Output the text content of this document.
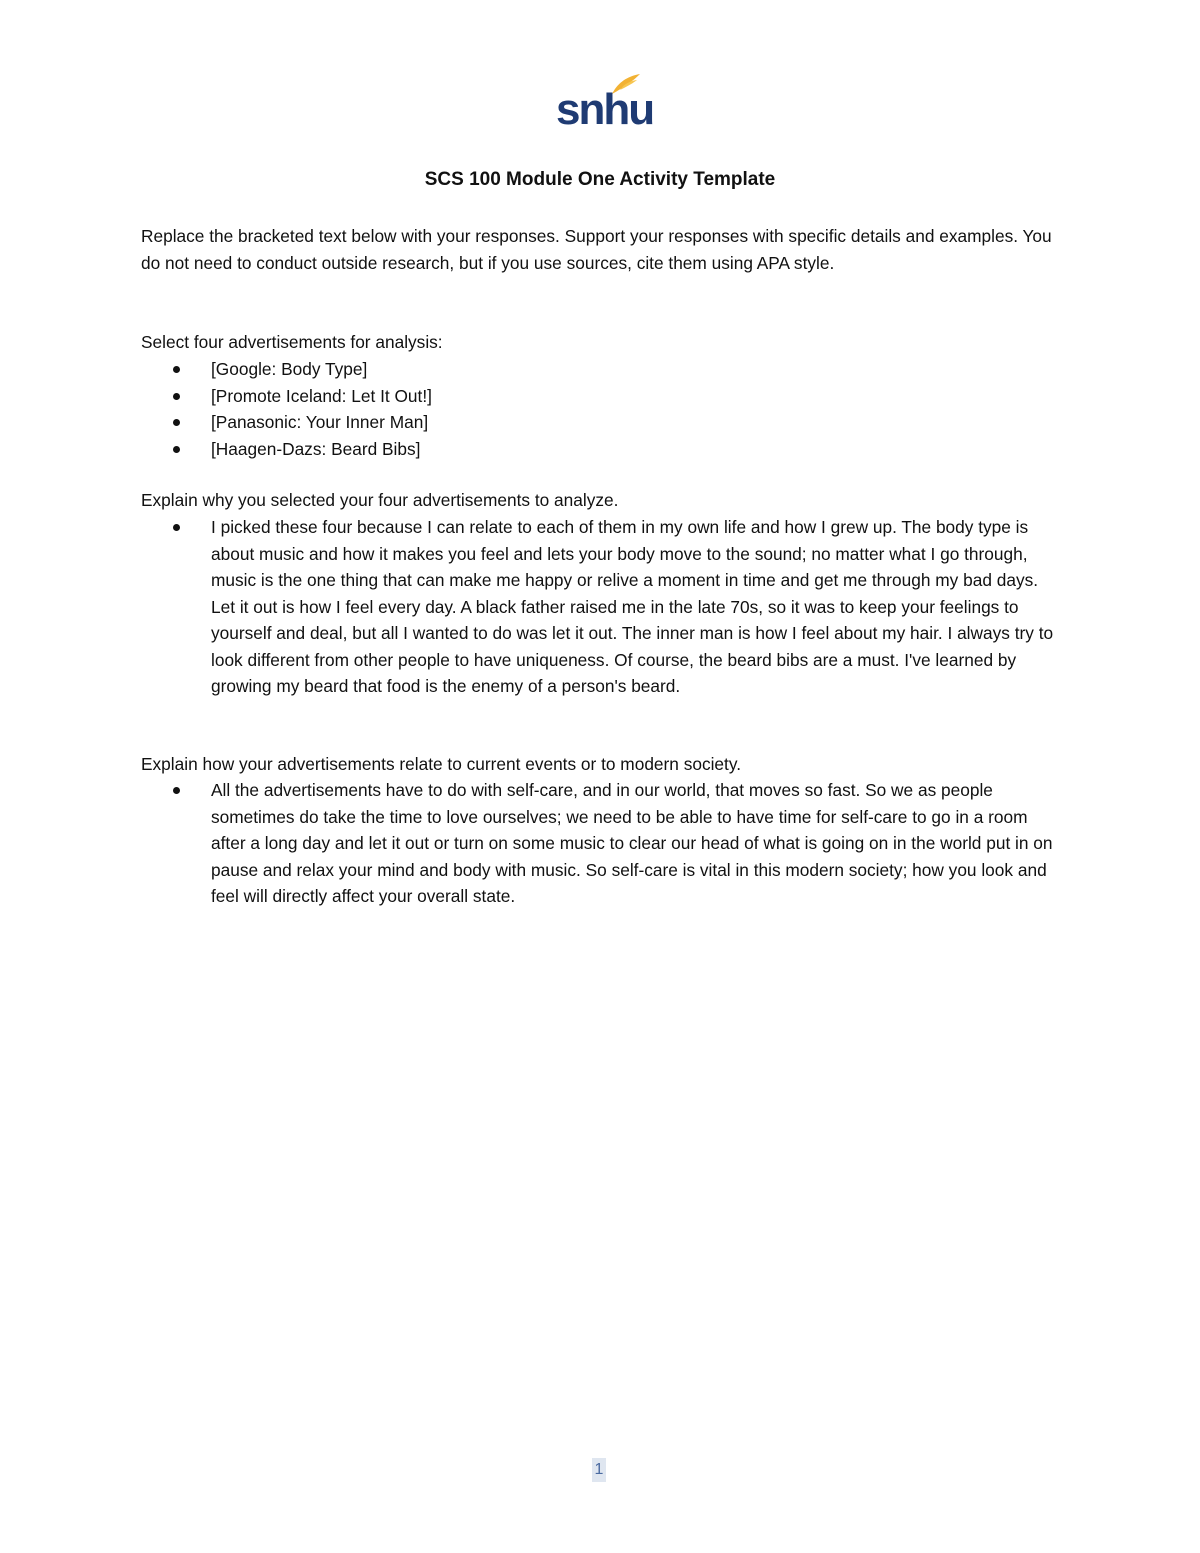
snhu
SCS 100 Module One Activity Template
Replace the bracketed text below with your responses. Support your responses with specific details and examples. You do not need to conduct outside research, but if you use sources, cite them using APA style.
Select four advertisements for analysis:
[Google: Body Type]
[Promote Iceland: Let It Out!]
[Panasonic: Your Inner Man]
[Haagen-Dazs: Beard Bibs]
Explain why you selected your four advertisements to analyze.
I picked these four because I can relate to each of them in my own life and how I grew up. The body type is about music and how it makes you feel and lets your body move to the sound; no matter what I go through, music is the one thing that can make me happy or relive a moment in time and get me through my bad days. Let it out is how I feel every day. A black father raised me in the late 70s, so it was to keep your feelings to yourself and deal, but all I wanted to do was let it out. The inner man is how I feel about my hair. I always try to look different from other people to have uniqueness. Of course, the beard bibs are a must. I've learned by growing my beard that food is the enemy of a person's beard.
Explain how your advertisements relate to current events or to modern society.
All the advertisements have to do with self-care, and in our world, that moves so fast. So we as people sometimes do take the time to love ourselves; we need to be able to have time for self-care to go in a room after a long day and let it out or turn on some music to clear our head of what is going on in the world put in on pause and relax your mind and body with music. So self-care is vital in this modern society; how you look and feel will directly affect your overall state.
1
